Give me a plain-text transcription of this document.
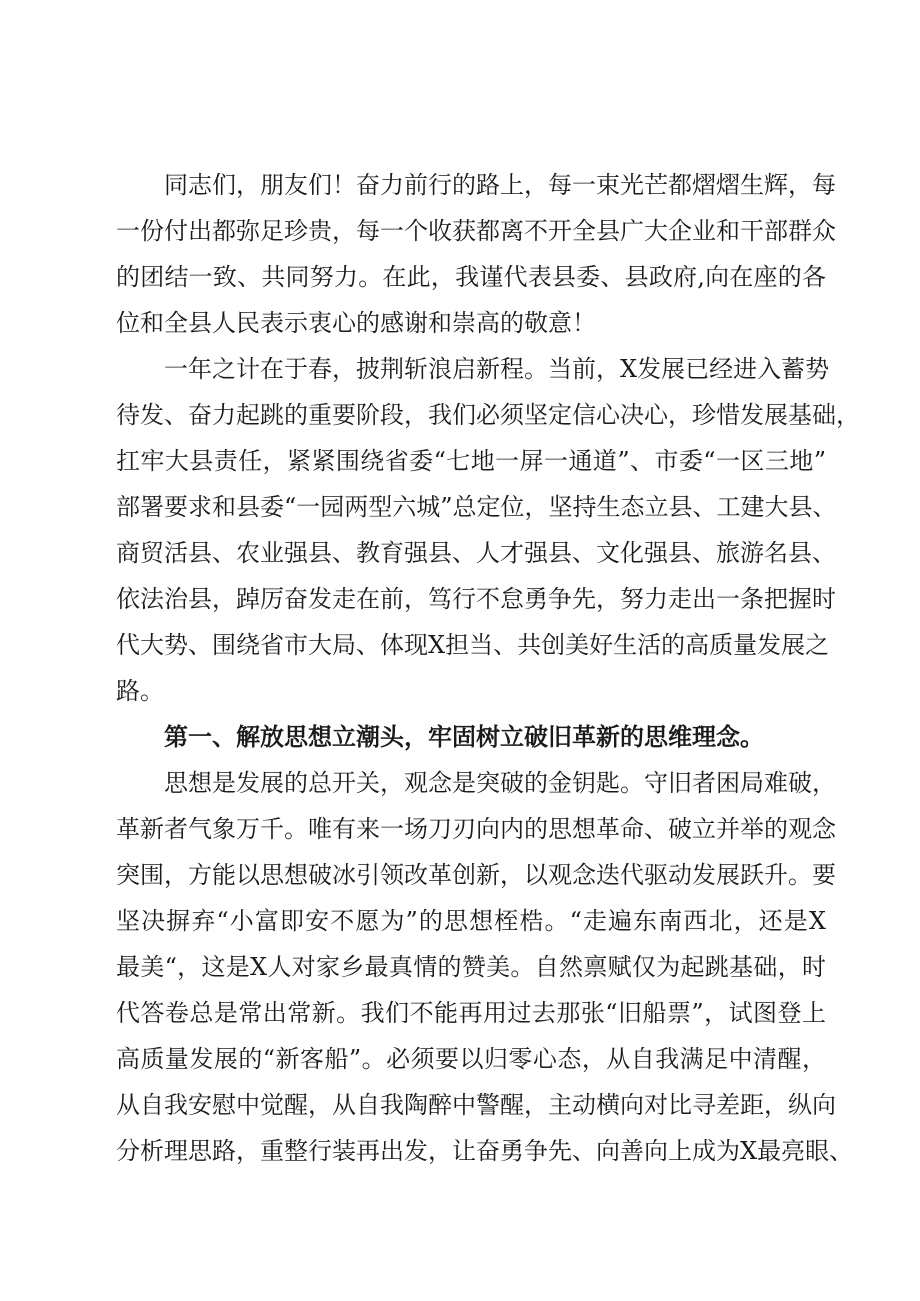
同志们，朋友们！奋力前行的路上，每一束光芒都熠熠生辉，每
一份付出都弥足珍贵，每一个收获都离不开全县广大企业和干部群众
的团结一致、共同努力。在此，我谨代表县委、县政府,向在座的各
位和全县人民表示衷心的感谢和崇高的敬意！
一年之计在于春，披荆斩浪启新程。当前，X发展已经进入蓄势
待发、奋力起跳的重要阶段，我们必须坚定信心决心，珍惜发展基础，
扛牢大县责任，紧紧围绕省委“七地一屏一通道”、市委“一区三地”
部署要求和县委“一园两型六城”总定位，坚持生态立县、工建大县、
商贸活县、农业强县、教育强县、人才强县、文化强县、旅游名县、
依法治县，踔厉奋发走在前，笃行不怠勇争先，努力走出一条把握时
代大势、围绕省市大局、体现X担当、共创美好生活的高质量发展之
路。
第一、解放思想立潮头，牢固树立破旧革新的思维理念。
思想是发展的总开关，观念是突破的金钥匙。守旧者困局难破，
革新者气象万千。唯有来一场刀刃向内的思想革命、破立并举的观念
突围，方能以思想破冰引领改革创新，以观念迭代驱动发展跃升。要
坚决摒弃“小富即安不愿为”的思想桎梏。“走遍东南西北，还是X
最美“，这是X人对家乡最真情的赞美。自然禀赋仅为起跳基础，时
代答卷总是常出常新。我们不能再用过去那张“旧船票”，试图登上
高质量发展的“新客船”。必须要以归零心态，从自我满足中清醒，
从自我安慰中觉醒，从自我陶醉中警醒，主动横向对比寻差距，纵向
分析理思路，重整行装再出发，让奋勇争先、向善向上成为X最亮眼、
